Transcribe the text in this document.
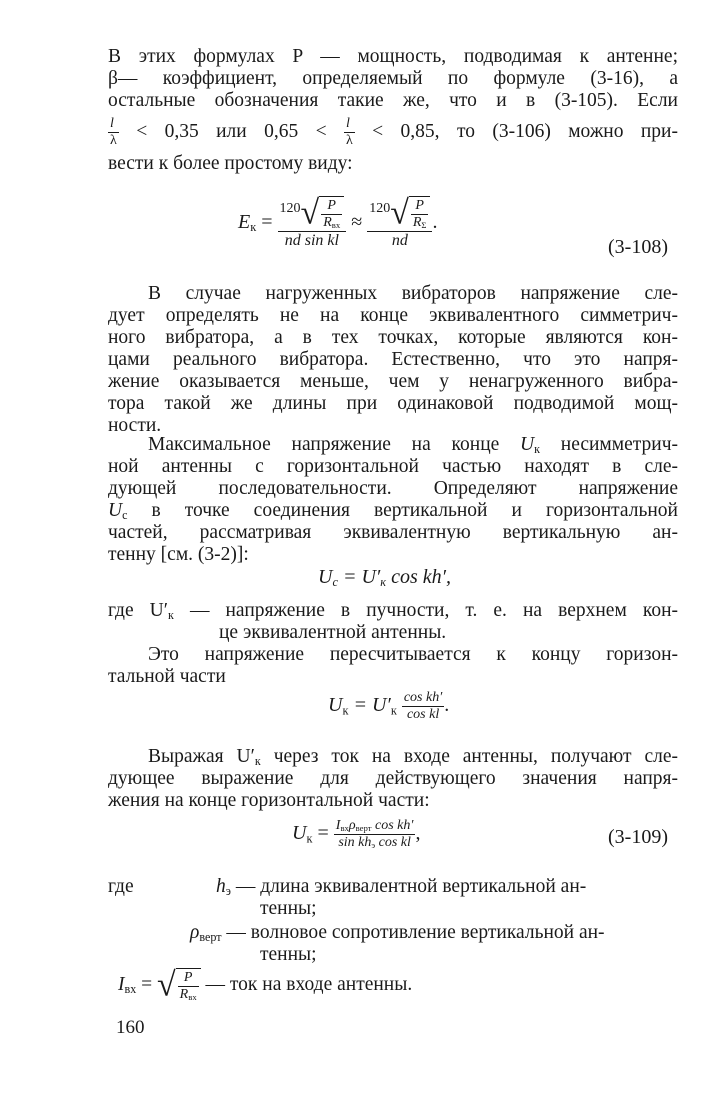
В этих формулах P — мощность, подводимая к антенне;
β— коэффициент, определяемый по формуле (3-16), а
остальные обозначения такие же, что и в (3-105). Если
$\frac{l}{\lambda} < 0,35$ или $0,65 < \frac{l}{\lambda} < 0,85$, то (3-106) можно при-
вести к более простому виду:
$E_к = \frac{^{120}√ \frac{P}{R_{вх}}}{\text{nd sin kl}} \approx \frac{^{120}√ \frac{P}{R_\Sigma}}{nd}$ .
(3-108)
В случае нагруженных вибраторов напряжение сле-
дует определять не на конце эквивалентного симметрич-
ного вибратора, а в тех точках, которые являются кон-
цами реального вибратора. Естественно, что это напря-
жение оказывается меньше, чем у ненагруженного вибра-
тора такой же длины при одинаковой подводимой мощ-
ности.
Максимальное напряжение на конце $U_к$ несимметрич-
ной антенны с горизонтальной частью находят в сле-
дующей последовательности. Определяют напряжение
$U_с$ в точке соединения вертикальной и горизонтальной
частей, рассматривая эквивалентную вертикальную ан-
тенну [см. (3-2)]:
$U_с = U'_к$ cos kh′,
где $U'_к$ — напряжение в пучности, т. е. на верхнем кон-
це эквивалентной антенны.
Это напряжение пересчитывается к концу горизон-
тальной части
$U_к = U'_к \frac{\text{cos kh′}}{\text{cos kl}}$ .
Выражая $U'_к$ через ток на входе антенны, получают сле-
дующее выражение для действующего значения напря-
жения на конце горизонтальной части:
$U_к = \frac{I_{вх}\rho_{верт} \cos kh'}{\sin kh_э \cos kl}$ ,	(3-109)
где	$h_э$ — длина эквивалентной вертикальной ан-
тенны;
$\rho_{верт}$ — волновое сопротивление вертикальной ан-
тенны;
$I_{вх}$ = √ $\frac{P}{R_{вх}}$ — ток на входе антенны.
160
